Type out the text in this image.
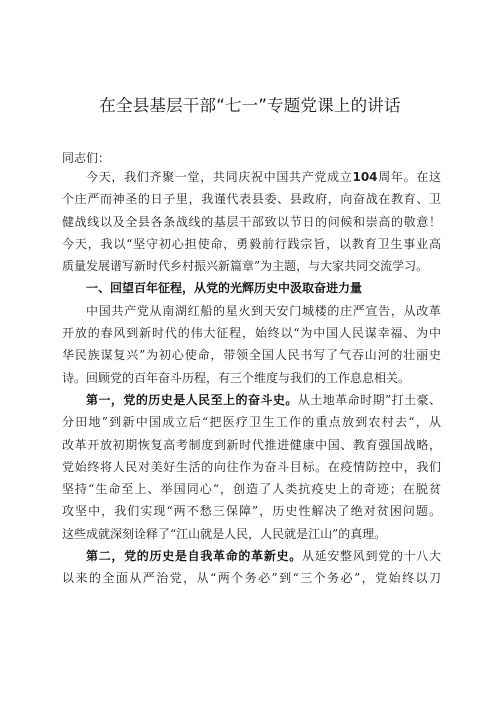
在全县基层干部“七一”专题党课上的讲话
同志们：
今天，我们齐聚一堂，共同庆祝中国共产党成立104周年。在这
个庄严而神圣的日子里，我谨代表县委、县政府，向奋战在教育、卫
健战线以及全县各条战线的基层干部致以节日的问候和崇高的敬意！
今天，我以“坚守初心担使命，勇毅前行践宗旨，以教育卫生事业高
质量发展谱写新时代乡村振兴新篇章”为主题，与大家共同交流学习。
一、回望百年征程，从党的光辉历史中汲取奋进力量
中国共产党从南湖红船的星火到天安门城楼的庄严宣告，从改革
开放的春风到新时代的伟大征程，始终以“为中国人民谋幸福、为中
华民族谋复兴”为初心使命，带领全国人民书写了气吞山河的壮丽史
诗。回顾党的百年奋斗历程，有三个维度与我们的工作息息相关。
第一，党的历史是人民至上的奋斗史。从土地革命时期”打土豪、
分田地”到新中国成立后“把医疗卫生工作的重点放到农村去“，从
改革开放初期恢复高考制度到新时代推进健康中国、教育强国战略，
党始终将人民对美好生活的向往作为奋斗目标。在疫情防控中，我们
坚持“生命至上、举国同心“，创造了人类抗疫史上的奇迹；在脱贫
攻坚中，我们实现“两不愁三保障”，历史性解决了绝对贫困问题。
这些成就深刻诠释了“江山就是人民，人民就是江山”的真理。
第二，党的历史是自我革命的革新史。从延安整风到党的十八大
以来的全面从严治党，从“两个务必”到“三个务必”，党始终以刀
